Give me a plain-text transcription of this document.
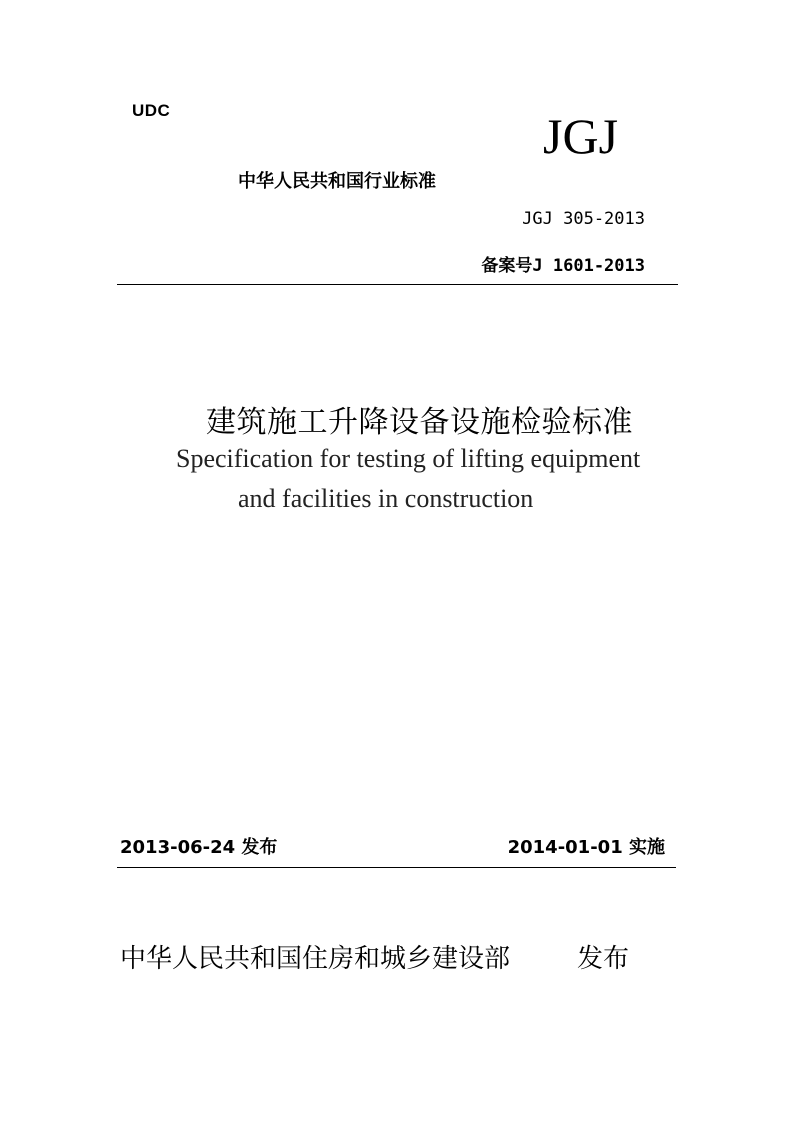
UDC	JGJ
中华人民共和国行业标准
JGJ 305-2013
备案号J 1601-2013
建筑施工升降设备设施检验标准
Specification for testing of lifting equipment
and facilities in construction
2013-06-24 发布	2014-01-01 实施
中华人民共和国住房和城乡建设部	发布
